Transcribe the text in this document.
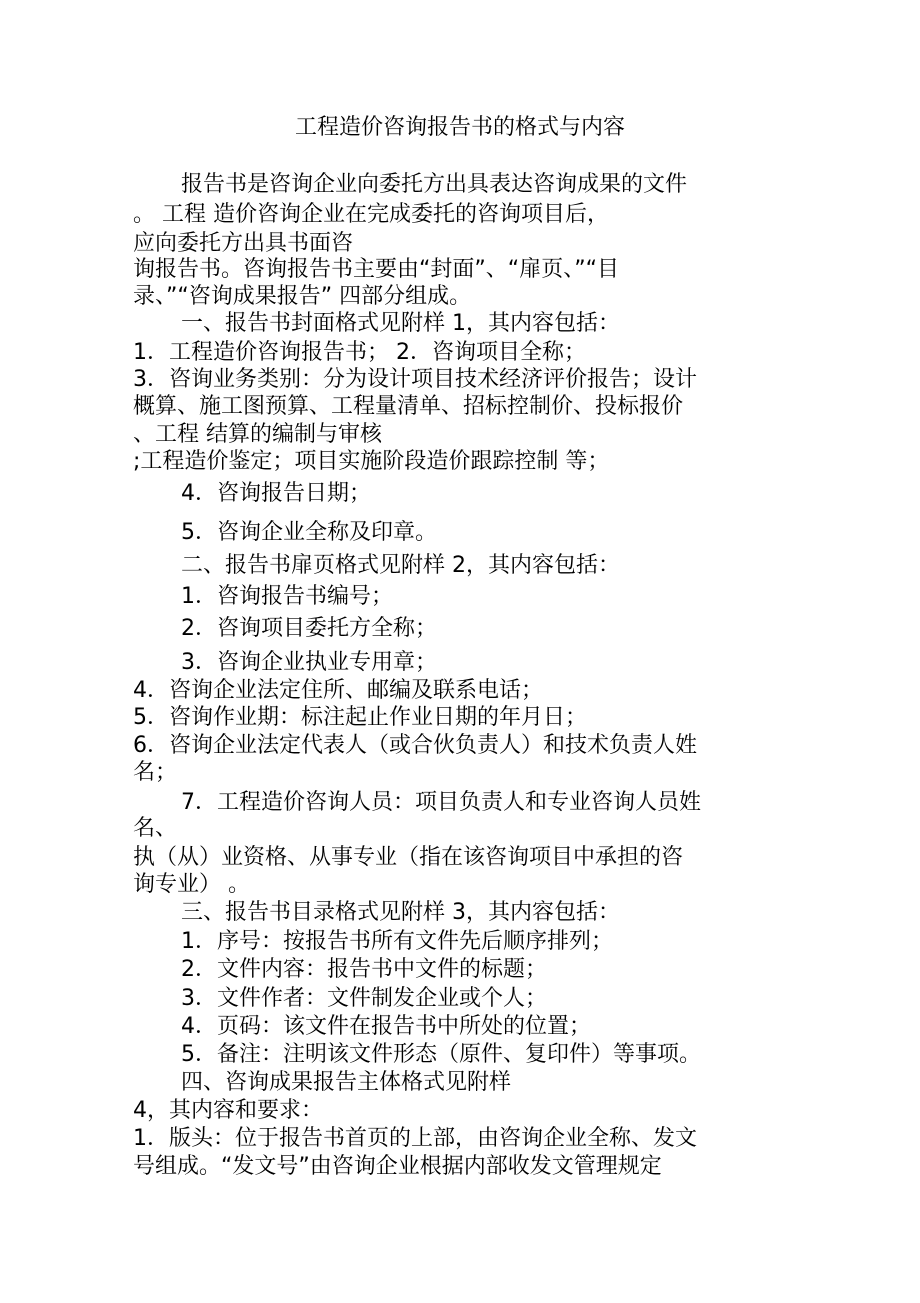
工程造价咨询报告书的格式与内容
报告书是咨询企业向委托方出具表达咨询成果的文件
。 工程 造价咨询企业在完成委托的咨询项目后，
应向委托方出具书面咨
询报告书。咨询报告书主要由“封面”、“扉页、”“目
录、”“咨询成果报告” 四部分组成。
一、报告书封面格式见附样 1，其内容包括：
1．工程造价咨询报告书； 2．咨询项目全称；
3．咨询业务类别：分为设计项目技术经济评价报告；设计
概算、施工图预算、工程量清单、招标控制价、投标报价
、工程 结算的编制与审核
;工程造价鉴定；项目实施阶段造价跟踪控制 等；
4．咨询报告日期；
5．咨询企业全称及印章。
二、报告书扉页格式见附样 2，其内容包括：
1．咨询报告书编号；
2．咨询项目委托方全称；
3．咨询企业执业专用章；
4．咨询企业法定住所、邮编及联系电话；
5．咨询作业期：标注起止作业日期的年月日；
6．咨询企业法定代表人（或合伙负责人）和技术负责人姓
名；
7．工程造价咨询人员：项目负责人和专业咨询人员姓
名、
执（从）业资格、从事专业（指在该咨询项目中承担的咨
询专业） 。
三、报告书目录格式见附样 3，其内容包括：
1．序号：按报告书所有文件先后顺序排列；
2．文件内容：报告书中文件的标题；
3．文件作者：文件制发企业或个人；
4．页码：该文件在报告书中所处的位置；
5．备注：注明该文件形态（原件、复印件）等事项。
四、咨询成果报告主体格式见附样
4，其内容和要求：
1．版头：位于报告书首页的上部，由咨询企业全称、发文
号组成。“发文号”由咨询企业根据内部收发文管理规定
